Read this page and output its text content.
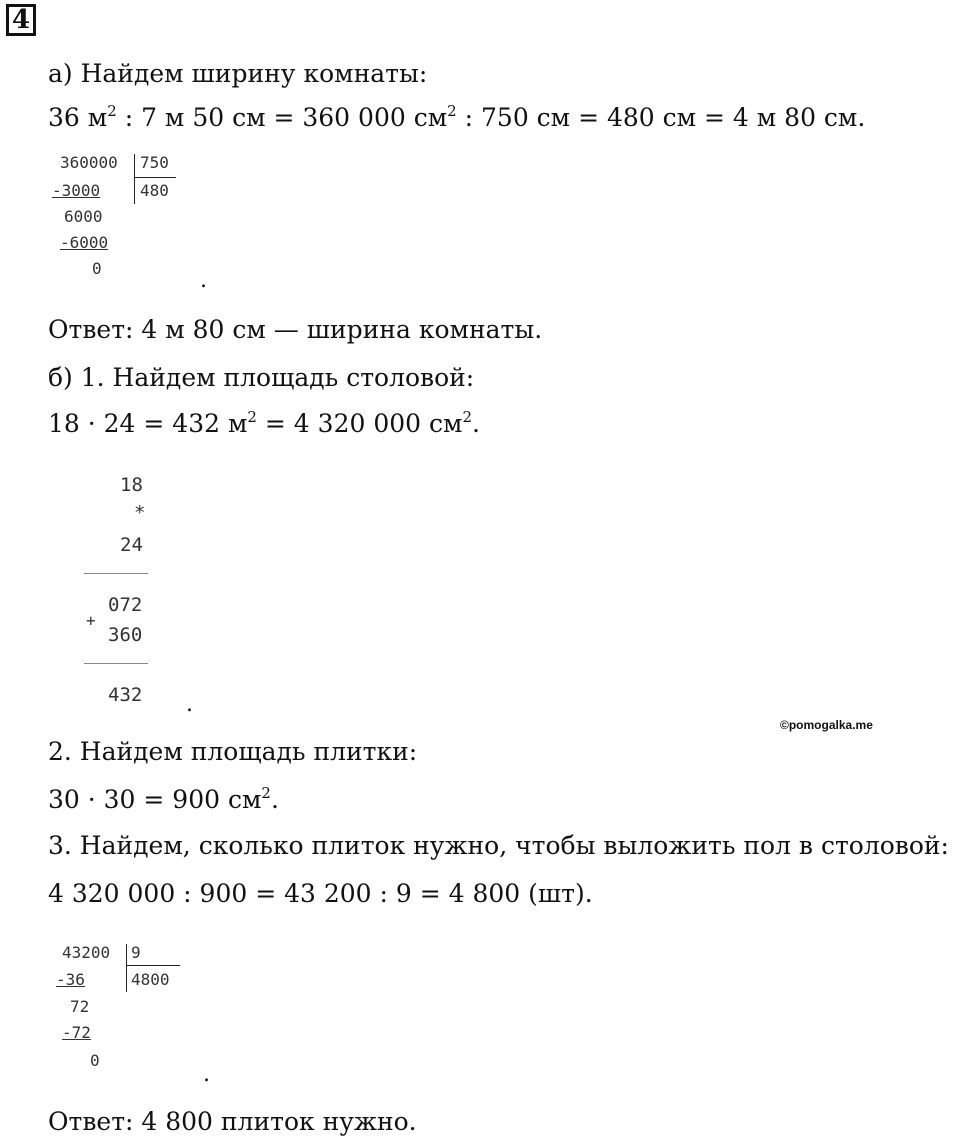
4
а) Найдем ширину комнаты:
36 $м^2$ : 7 м 50 см = 360 000 $см^2$ : 750 см = 480 см = 4 м 80 см.
360000 750
480
-3000
6000
-6000
0	.
Ответ: 4 м 80 см — ширина комнаты.
б) 1. Найдем площадь столовой:
18 · 24 = 432 $м^2 = 4$ 320 000 $см^2$.
18
*
24
072
+
360
432 .
©pomogalka.me
2. Найдем площадь плитки:
30 · 30 = 900 $см^2$.
3. Найдем, сколько плиток нужно, чтобы выложить пол в столовой:
4 320 000 : 900 = 43 200 : 9 = 4 800 (шт).
43200 9
4800
-36
72
-72
0
.
Ответ: 4 800 плиток нужно.
